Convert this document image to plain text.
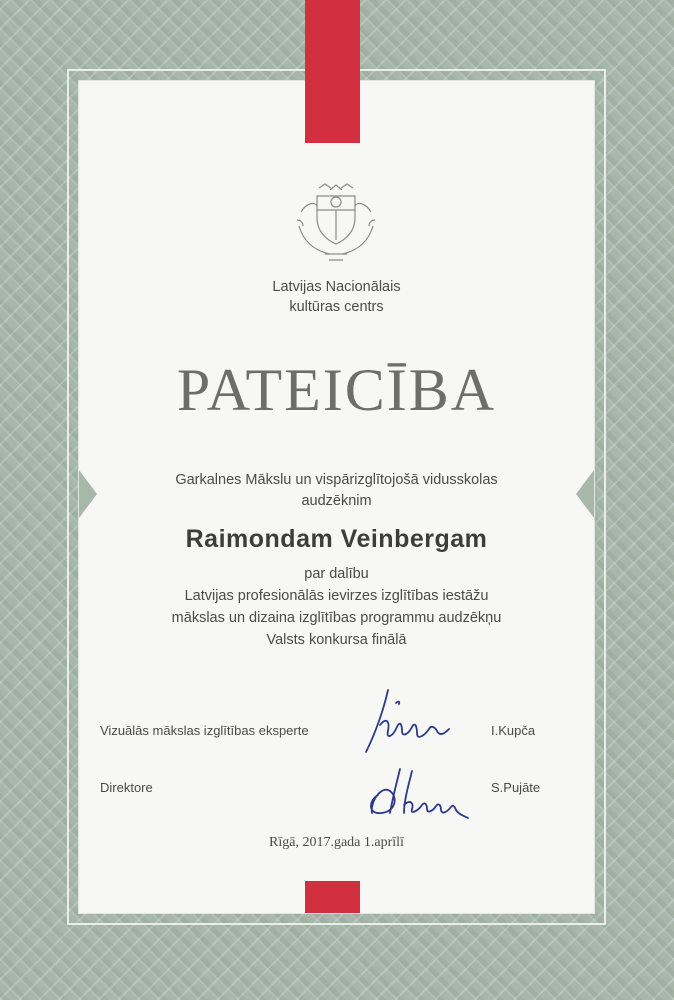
Latvijas Nacionālais
kultūras centrs
PATEICĪBA
Garkalnes Mākslu un vispārizglītojošā vidusskolas
audzēknim
Raimondam Veinbergam
par dalību
Latvijas profesionālās ievirzes izglītības iestāžu
mākslas un dizaina izglītības programmu audzēkņu
Valsts konkursa finālā
Vizuālās mākslas izglītības eksperte	I.Kupča
Direktore	S.Pujāte
Rīgā, 2017.gada 1.aprīlī
